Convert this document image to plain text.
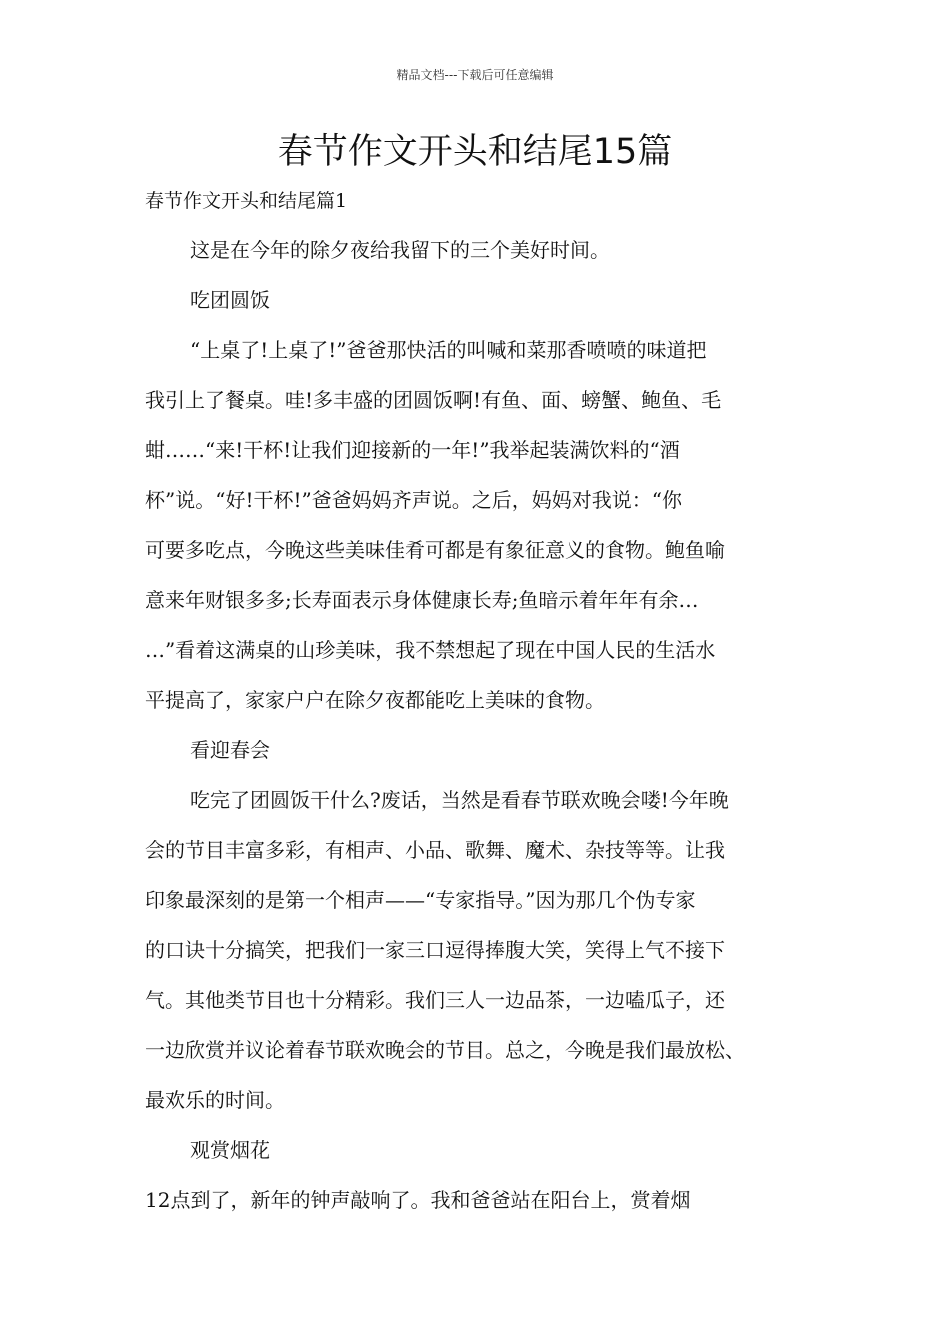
精品文档---下载后可任意编辑
春节作文开头和结尾15篇
春节作文开头和结尾篇1
这是在今年的除夕夜给我留下的三个美好时间。
吃团圆饭
“上桌了!上桌了!”爸爸那快活的叫喊和菜那香喷喷的味道把
我引上了餐桌。哇!多丰盛的团圆饭啊!有鱼、面、螃蟹、鲍鱼、毛
蚶……“来!干杯!让我们迎接新的一年!”我举起装满饮料的“酒
杯”说。“好!干杯!”爸爸妈妈齐声说。之后，妈妈对我说：“你
可要多吃点，今晚这些美味佳肴可都是有象征意义的食物。鲍鱼喻
意来年财银多多;长寿面表示身体健康长寿;鱼暗示着年年有余…
…”看着这满桌的山珍美味，我不禁想起了现在中国人民的生活水
平提高了，家家户户在除夕夜都能吃上美味的食物。
看迎春会
吃完了团圆饭干什么?废话，当然是看春节联欢晚会喽!今年晚
会的节目丰富多彩，有相声、小品、歌舞、魔术、杂技等等。让我
印象最深刻的是第一个相声——“专家指导。”因为那几个伪专家
的口诀十分搞笑，把我们一家三口逗得捧腹大笑，笑得上气不接下
气。其他类节目也十分精彩。我们三人一边品茶，一边嗑瓜子，还
一边欣赏并议论着春节联欢晚会的节目。总之，今晚是我们最放松、
最欢乐的时间。
观赏烟花
12点到了，新年的钟声敲响了。我和爸爸站在阳台上，赏着烟
